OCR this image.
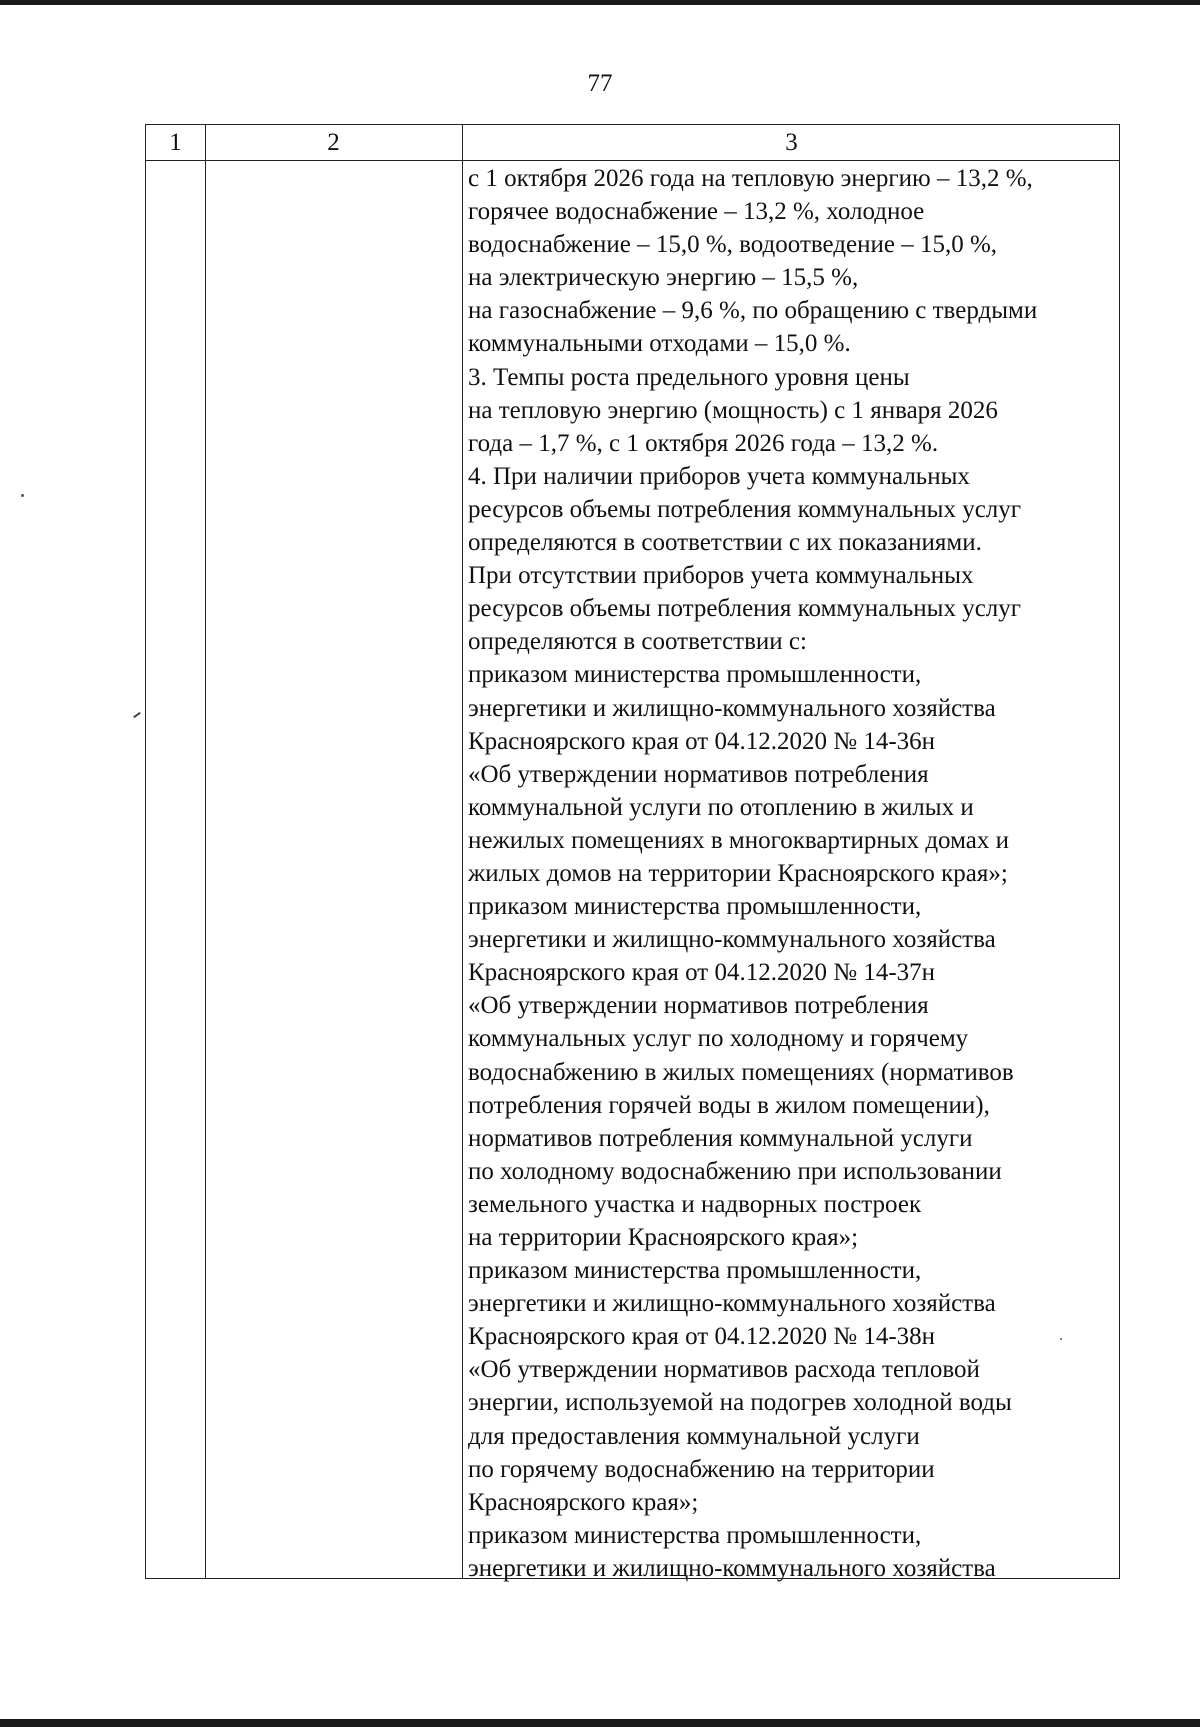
77
1	2	3
с 1 октября 2026 года на тепловую энергию – 13,2 %,
горячее водоснабжение – 13,2 %, холодное
водоснабжение – 15,0 %, водоотведение – 15,0 %,
на электрическую энергию – 15,5 %,
на газоснабжение – 9,6 %, по обращению с твердыми
коммунальными отходами – 15,0 %.
3. Темпы роста предельного уровня цены
на тепловую энергию (мощность) с 1 января 2026
года – 1,7 %, с 1 октября 2026 года – 13,2 %.
4. При наличии приборов учета коммунальных
ресурсов объемы потребления коммунальных услуг
определяются в соответствии с их показаниями.
При отсутствии приборов учета коммунальных
ресурсов объемы потребления коммунальных услуг
определяются в соответствии с:
приказом министерства промышленности,
энергетики и жилищно-коммунального хозяйства
Красноярского края от 04.12.2020 № 14-36н
«Об утверждении нормативов потребления
коммунальной услуги по отоплению в жилых и
нежилых помещениях в многоквартирных домах и
жилых домов на территории Красноярского края»;
приказом министерства промышленности,
энергетики и жилищно-коммунального хозяйства
Красноярского края от 04.12.2020 № 14-37н
«Об утверждении нормативов потребления
коммунальных услуг по холодному и горячему
водоснабжению в жилых помещениях (нормативов
потребления горячей воды в жилом помещении),
нормативов потребления коммунальной услуги
по холодному водоснабжению при использовании
земельного участка и надворных построек
на территории Красноярского края»;
приказом министерства промышленности,
энергетики и жилищно-коммунального хозяйства
Красноярского края от 04.12.2020 № 14-38н
«Об утверждении нормативов расхода тепловой
энергии, используемой на подогрев холодной воды
для предоставления коммунальной услуги
по горячему водоснабжению на территории
Красноярского края»;
приказом министерства промышленности,
энергетики и жилищно-коммунального хозяйства
